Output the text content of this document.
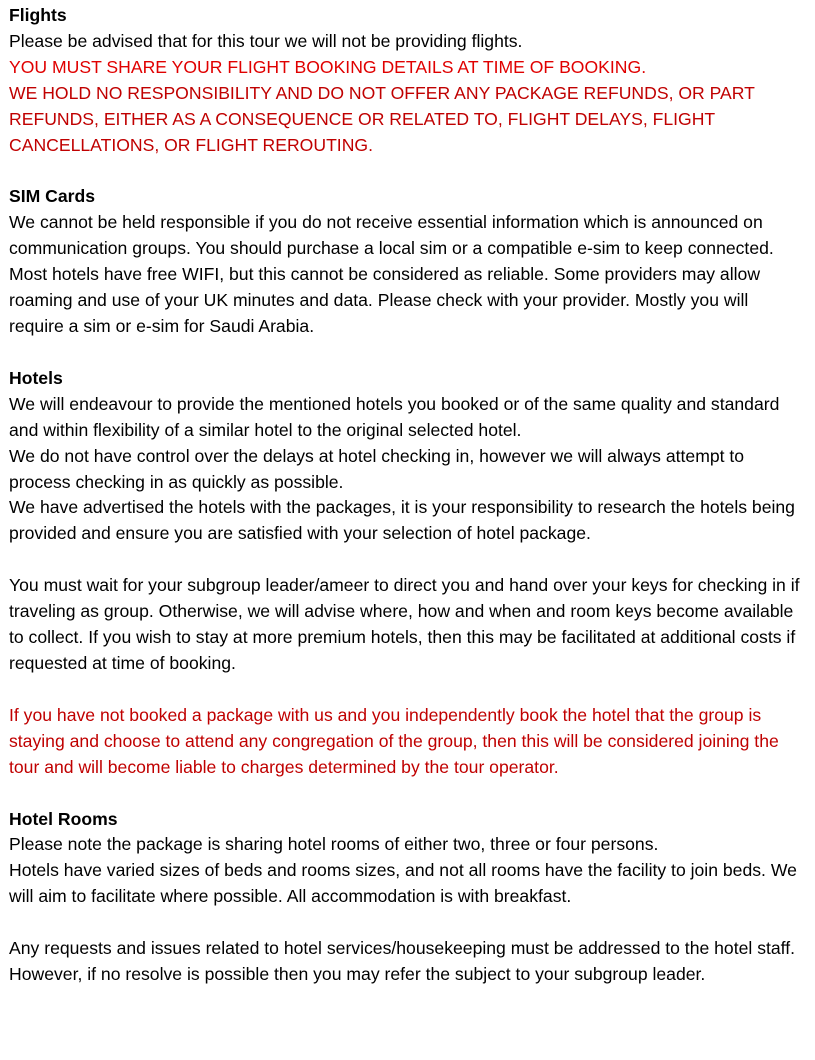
Flights

Please be advised that for this tour we will not be providing flights.

YOU MUST SHARE YOUR FLIGHT BOOKING DETAILS AT TIME OF BOOKING.

WE HOLD NO RESPONSIBILITY AND DO NOT OFFER ANY PACKAGE REFUNDS, OR PART REFUNDS, EITHER AS A CONSEQUENCE OR RELATED TO, FLIGHT DELAYS, FLIGHT CANCELLATIONS, OR FLIGHT REROUTING.

SIM Cards

We cannot be held responsible if you do not receive essential information which is announced on communication groups. You should purchase a local sim or a compatible e-sim to keep connected. Most hotels have free WIFI, but this cannot be considered as reliable. Some providers may allow roaming and use of your UK minutes and data. Please check with your provider. Mostly you will require a sim or e-sim for Saudi Arabia.

Hotels

We will endeavour to provide the mentioned hotels you booked or of the same quality and standard and within flexibility of a similar hotel to the original selected hotel.

We do not have control over the delays at hotel checking in, however we will always attempt to process checking in as quickly as possible.

We have advertised the hotels with the packages, it is your responsibility to research the hotels being provided and ensure you are satisfied with your selection of hotel package.

You must wait for your subgroup leader/ameer to direct you and hand over your keys for checking in if traveling as group. Otherwise, we will advise where, how and when and room keys become available to collect. If you wish to stay at more premium hotels, then this may be facilitated at additional costs if requested at time of booking.

If you have not booked a package with us and you independently book the hotel that the group is staying and choose to attend any congregation of the group, then this will be considered joining the tour and will become liable to charges determined by the tour operator.

Hotel Rooms

Please note the package is sharing hotel rooms of either two, three or four persons.

Hotels have varied sizes of beds and rooms sizes, and not all rooms have the facility to join beds. We will aim to facilitate where possible. All accommodation is with breakfast.

Any requests and issues related to hotel services/housekeeping must be addressed to the hotel staff. However, if no resolve is possible then you may refer the subject to your subgroup leader.
